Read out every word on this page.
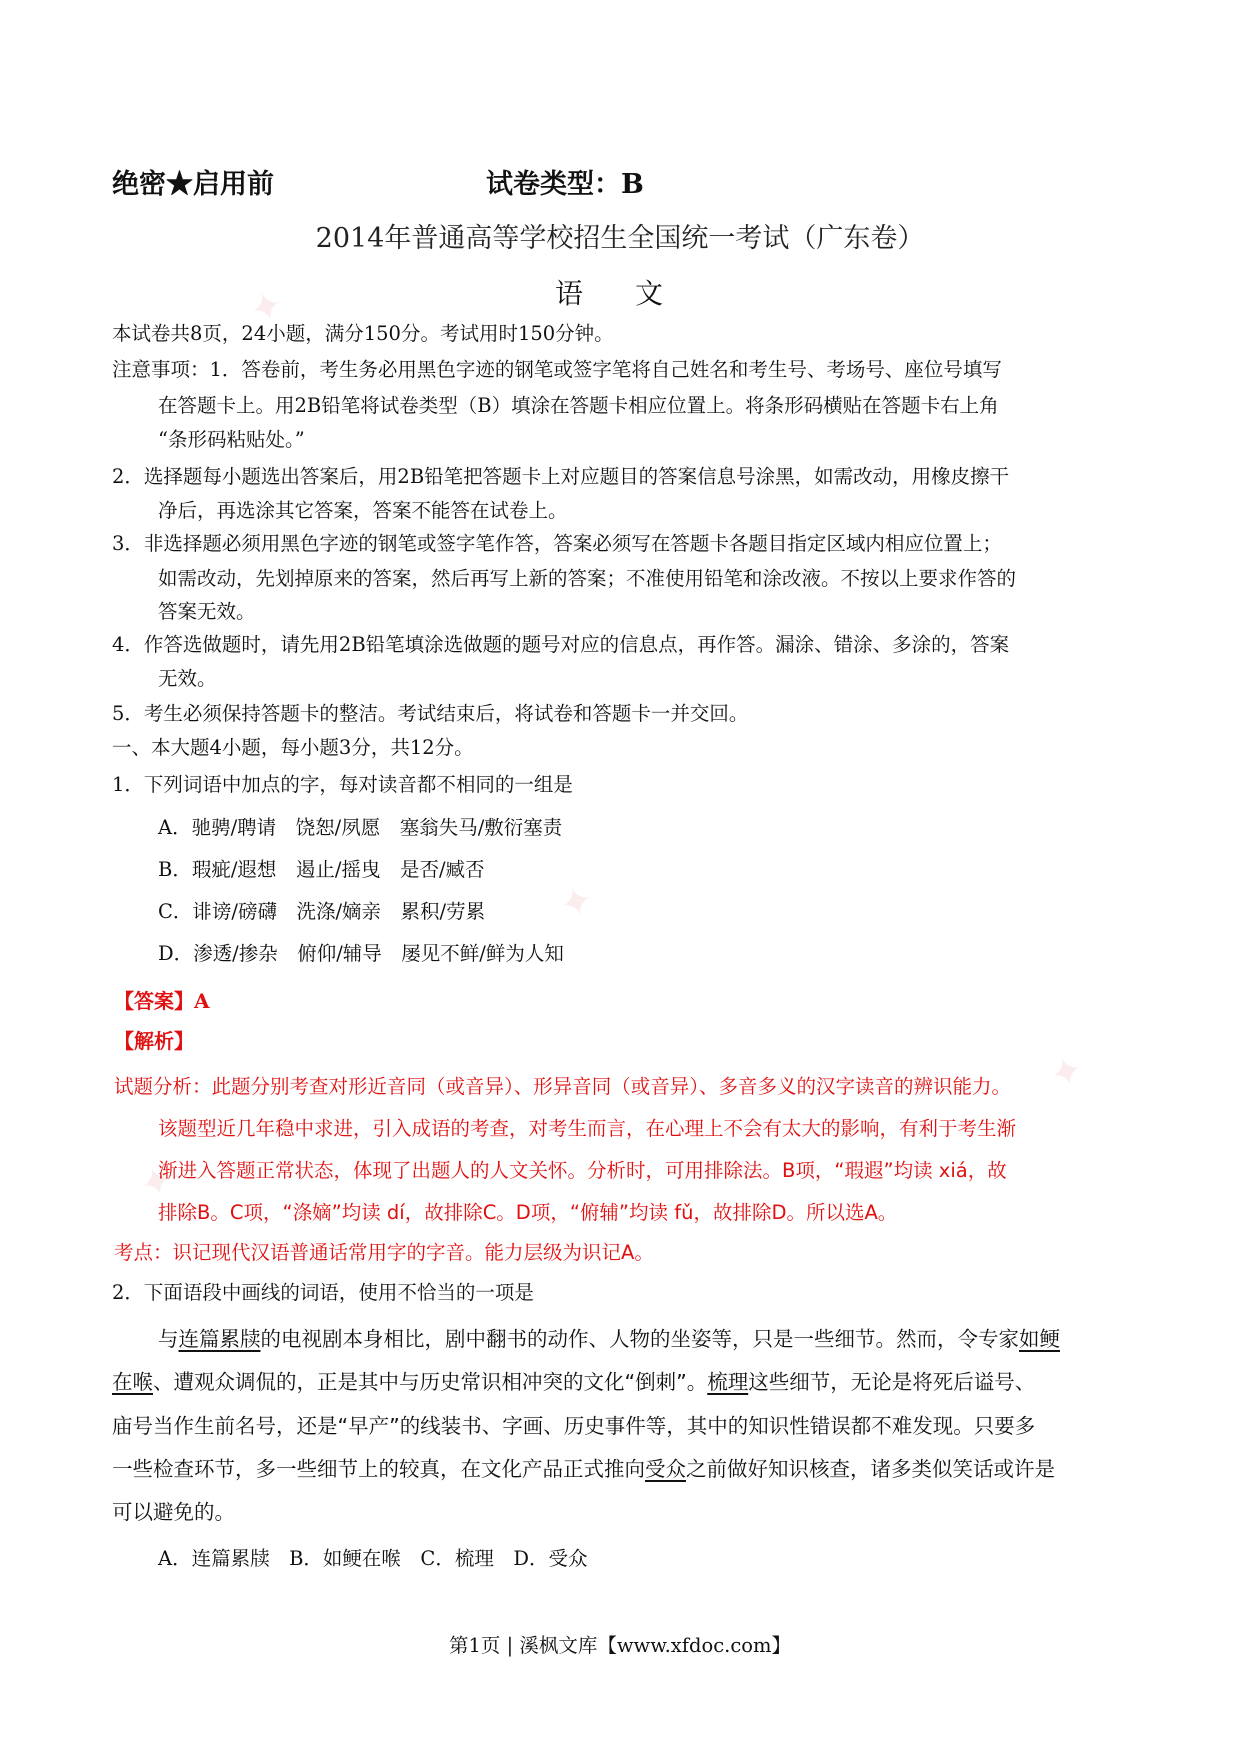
✦
✦
✦
✦
绝密★启用前	试卷类型：B
2014年普通高等学校招生全国统一考试（广东卷）
语文
本试卷共8页，24小题，满分150分。考试用时150分钟。
注意事项：1．答卷前，考生务必用黑色字迹的钢笔或签字笔将自己姓名和考生号、考场号、座位号填写
在答题卡上。用2B铅笔将试卷类型（B）填涂在答题卡相应位置上。将条形码横贴在答题卡右上角
“条形码粘贴处。”
2．选择题每小题选出答案后，用2B铅笔把答题卡上对应题目的答案信息号涂黑，如需改动，用橡皮擦干
净后，再选涂其它答案，答案不能答在试卷上。
3．非选择题必须用黑色字迹的钢笔或签字笔作答，答案必须写在答题卡各题目指定区域内相应位置上；
如需改动，先划掉原来的答案，然后再写上新的答案；不准使用铅笔和涂改液。不按以上要求作答的
答案无效。
4．作答选做题时，请先用2B铅笔填涂选做题的题号对应的信息点，再作答。漏涂、错涂、多涂的，答案
无效。
5．考生必须保持答题卡的整洁。考试结束后，将试卷和答题卡一并交回。
一、本大题4小题，每小题3分，共12分。
1．下列词语中加点的字，每对读音都不相同的一组是
A．驰骋/聘请　饶恕/夙愿　塞翁失马/敷衍塞责
B．瑕疵/遐想　遏止/摇曳　是否/臧否
C．诽谤/磅礴　洗涤/嫡亲　累积/劳累
D．渗透/掺杂　俯仰/辅导　屡见不鲜/鲜为人知
【答案】A
【解析】
试题分析：此题分别考查对形近音同（或音异）、形异音同（或音异）、多音多义的汉字读音的辨识能力。
该题型近几年稳中求进，引入成语的考查，对考生而言，在心理上不会有太大的影响，有利于考生渐
渐进入答题正常状态，体现了出题人的人文关怀。分析时，可用排除法。B项，“瑕遐”均读 xiá，故
排除B。C项，“涤嫡”均读 dí，故排除C。D项，“俯辅”均读 fǔ，故排除D。所以选A。
考点：识记现代汉语普通话常用字的字音。能力层级为识记A。
2．下面语段中画线的词语，使用不恰当的一项是
与连篇累牍的电视剧本身相比，剧中翻书的动作、人物的坐姿等，只是一些细节。然而，令专家如鲠
在喉、遭观众调侃的，正是其中与历史常识相冲突的文化“倒刺”。梳理这些细节，无论是将死后谥号、
庙号当作生前名号，还是“早产”的线装书、字画、历史事件等，其中的知识性错误都不难发现。只要多
一些检查环节，多一些细节上的较真，在文化产品正式推向受众之前做好知识核查，诸多类似笑话或许是
可以避免的。
A．连篇累牍　B．如鲠在喉　C．梳理　D．受众
第1页 | 溪枫文库【www.xfdoc.com】
